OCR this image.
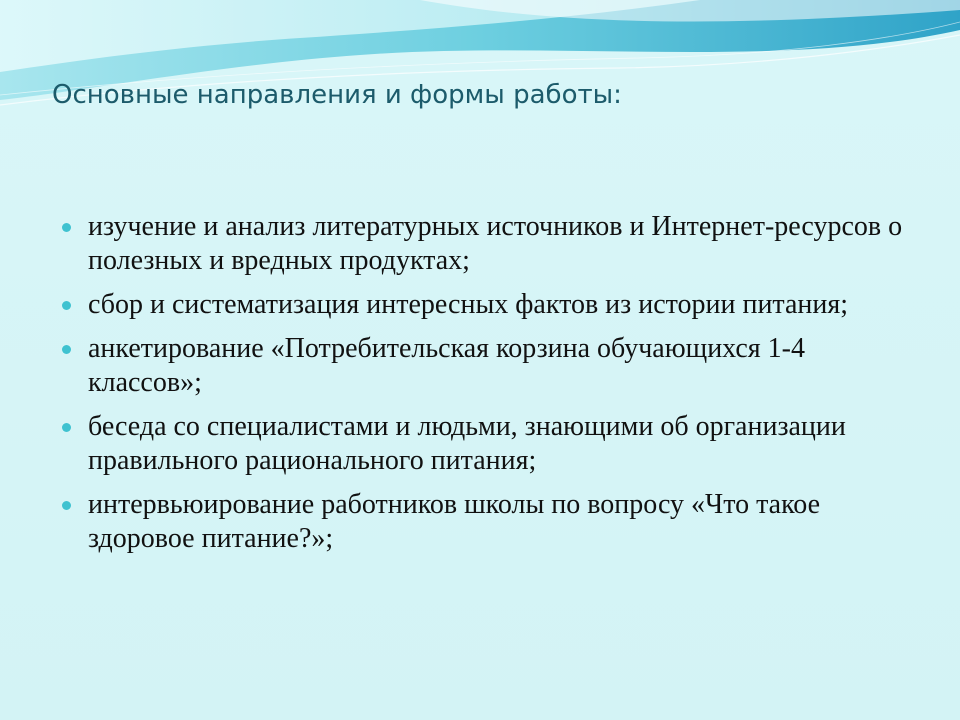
Основные направления и формы работы:
изучение и анализ литературных источников и Интернет-ресурсов о полезных и вредных продуктах;
сбор и систематизация интересных фактов из истории питания;
анкетирование «Потребительская корзина обучающихся 1-4 классов»;
беседа со специалистами и людьми, знающими об организации правильного рационального питания;
интервьюирование работников школы по вопросу «Что такое здоровое питание?»;
